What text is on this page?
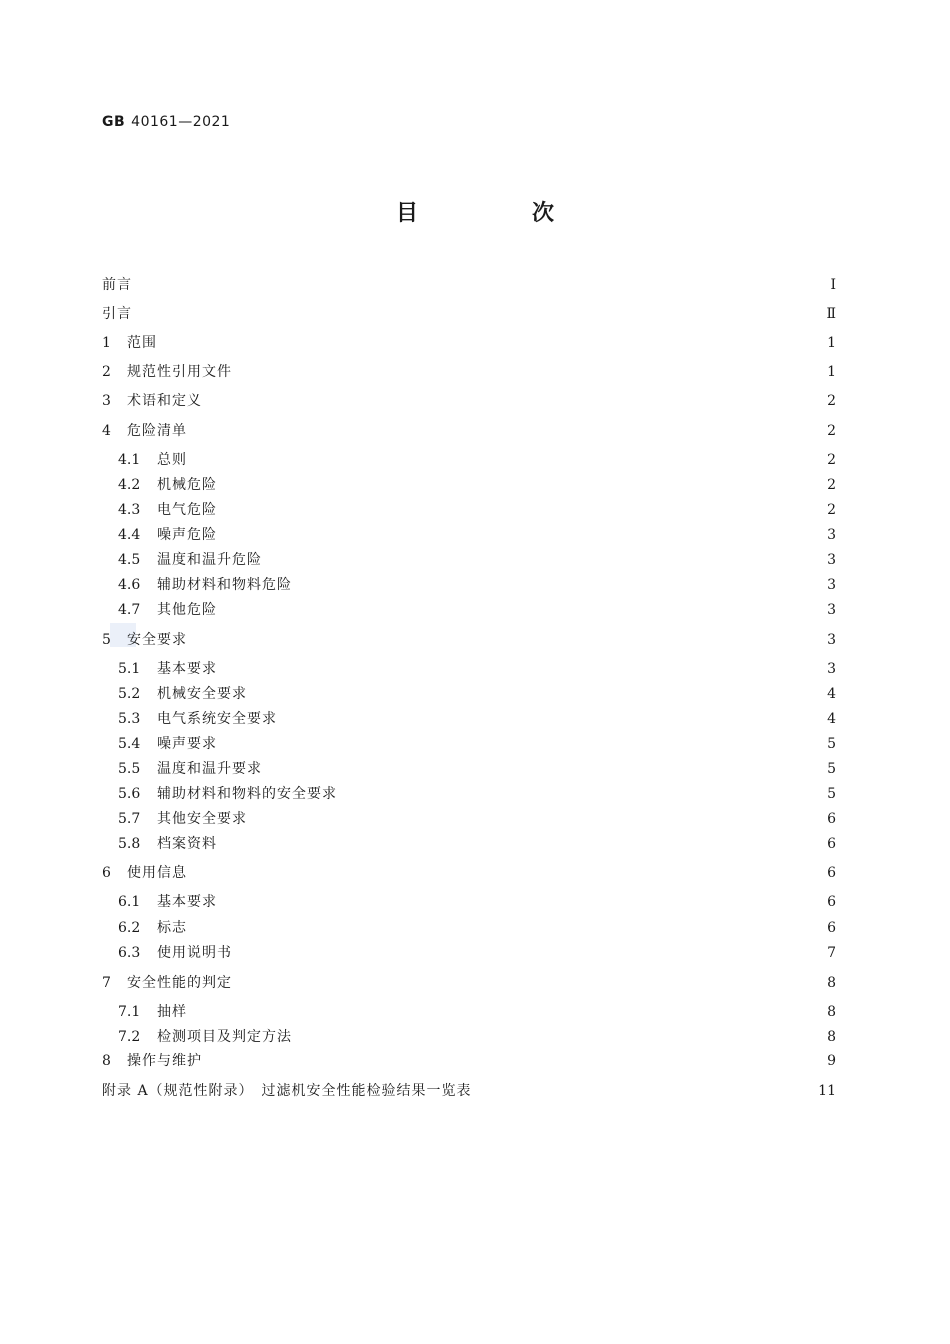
GB 40161—2021
目　次
前言	Ⅰ
引言	Ⅱ
1	范围	1
2	规范性引用文件	1
3	术语和定义	2
4	危险清单	2
4.1	总则	2
4.2	机械危险	2
4.3	电气危险	2
4.4	噪声危险	3
4.5	温度和温升危险	3
4.6	辅助材料和物料危险	3
4.7	其他危险	3
5	安全要求	3
5.1	基本要求	3
5.2	机械安全要求	4
5.3	电气系统安全要求	4
5.4	噪声要求	5
5.5	温度和温升要求	5
5.6	辅助材料和物料的安全要求	5
5.7	其他安全要求	6
5.8	档案资料	6
6	使用信息	6
6.1	基本要求	6
6.2	标志	6
6.3	使用说明书	7
7	安全性能的判定	8
7.1	抽样	8
7.2	检测项目及判定方法	8
8	操作与维护	9
附录 A（规范性附录）　过滤机安全性能检验结果一览表	11
